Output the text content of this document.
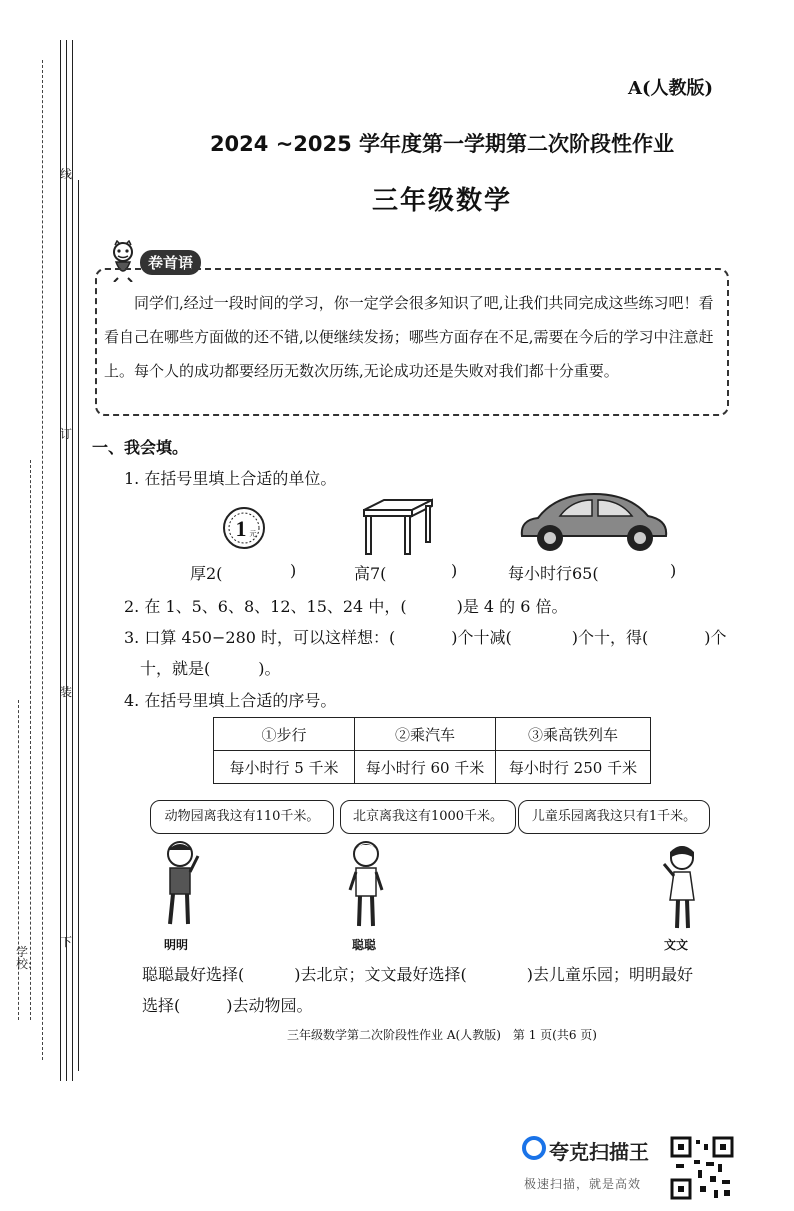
线
订
装
下
学校:
A(人教版)
2024 ~2025 学年度第一学期第二次阶段性作业
三年级数学
卷首语
同学们,经过一段时间的学习，你一定学会很多知识了吧,让我们共同完成这些练习吧！看看自己在哪些方面做的还不错,以便继续发扬；哪些方面存在不足,需要在今后的学习中注意赶上。每个人的成功都要经历无数次历练,无论成功还是失败对我们都十分重要。
一、我会填。
1. 在括号里填上合适的单位。
1 元
厚2(	)	高7(	)	每小时行65(	)
2. 在 1、5、6、8、12、15、24 中，(	)是 4 的 6 倍。
3. 口算 450−280 时，可以这样想：(	)个十减(	)个十，得(	)个
十，就是(	)。
4. 在括号里填上合适的序号。
①步行	②乘汽车	③乘高铁列车
每小时行 5 千米	每小时行 60 千米	每小时行 250 千米
动物园离我这有110千米。	北京离我这有1000千米。	儿童乐园离我这只有1千米。
明明	聪聪	文文
聪聪最好选择(	)去北京；文文最好选择(	)去儿童乐园；明明最好
选择(	)去动物园。
三年级数学第二次阶段性作业 A(人教版)　第 1 页(共6 页)
夸克扫描王
极速扫描，就是高效
